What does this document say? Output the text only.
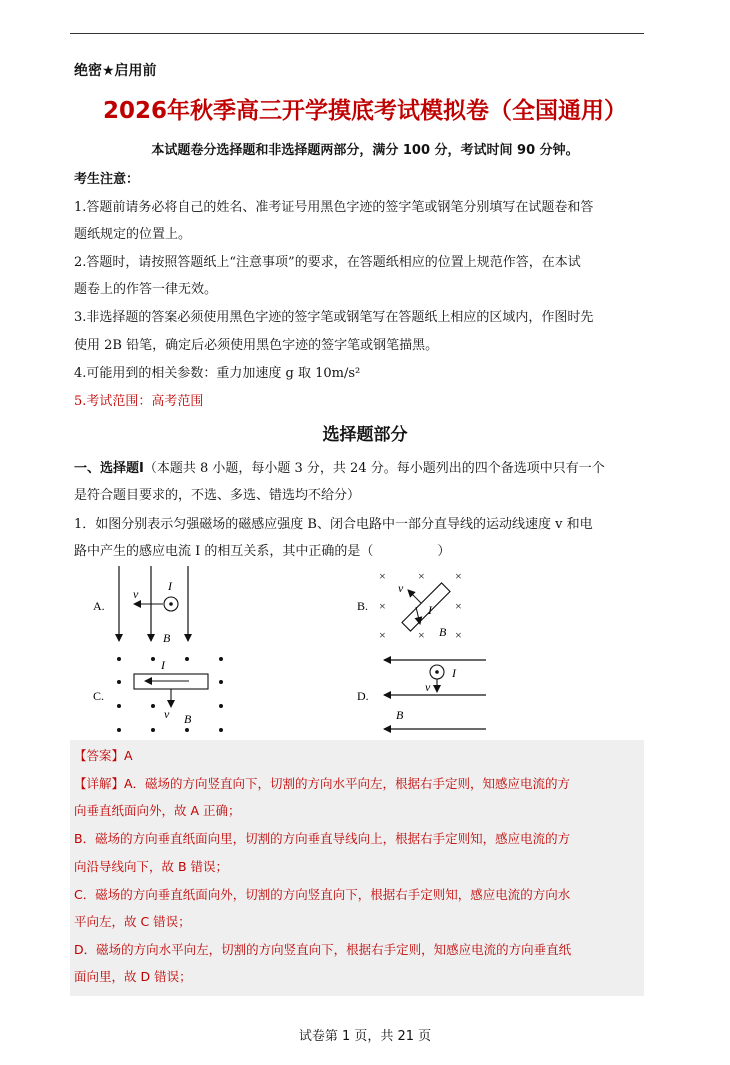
绝密★启用前
2026年秋季高三开学摸底考试模拟卷（全国通用）
本试题卷分选择题和非选择题两部分，满分 100 分，考试时间 90 分钟。
考生注意：
1.答题前请务必将自己的姓名、准考证号用黑色字迹的签字笔或钢笔分别填写在试题卷和答
题纸规定的位置上。
2.答题时，请按照答题纸上“注意事项”的要求，在答题纸相应的位置上规范作答，在本试
题卷上的作答一律无效。
3.非选择题的答案必须使用黑色字迹的签字笔或钢笔写在答题纸上相应的区域内，作图时先
使用 2B 铅笔，确定后必须使用黑色字迹的签字笔或钢笔描黑。
4.可能用到的相关参数：重力加速度 g 取 10m/s²
5.考试范围：高考范围
选择题部分
一、选择题Ⅰ（本题共 8 小题，每小题 3 分，共 24 分。每小题列出的四个备选项中只有一个
是符合题目要求的，不选、多选、错选均不给分）
1．如图分别表示匀强磁场的磁感应强度 B、闭合电路中一部分直导线的运动线速度 v 和电
路中产生的感应电流 I 的相互关系，其中正确的是（	）
A.
v
I
B
B.
×	×	×
×	×
×	×	×
v
I
B
C.
I
v B
D.
I
v
B
【答案】A
【详解】A．磁场的方向竖直向下，切割的方向水平向左，根据右手定则，知感应电流的方
向垂直纸面向外，故 A 正确；
B．磁场的方向垂直纸面向里，切割的方向垂直导线向上，根据右手定则知，感应电流的方
向沿导线向下，故 B 错误；
C．磁场的方向垂直纸面向外，切割的方向竖直向下，根据右手定则知，感应电流的方向水
平向左，故 C 错误；
D．磁场的方向水平向左，切割的方向竖直向下，根据右手定则，知感应电流的方向垂直纸
面向里，故 D 错误；
试卷第 1 页，共 21 页
